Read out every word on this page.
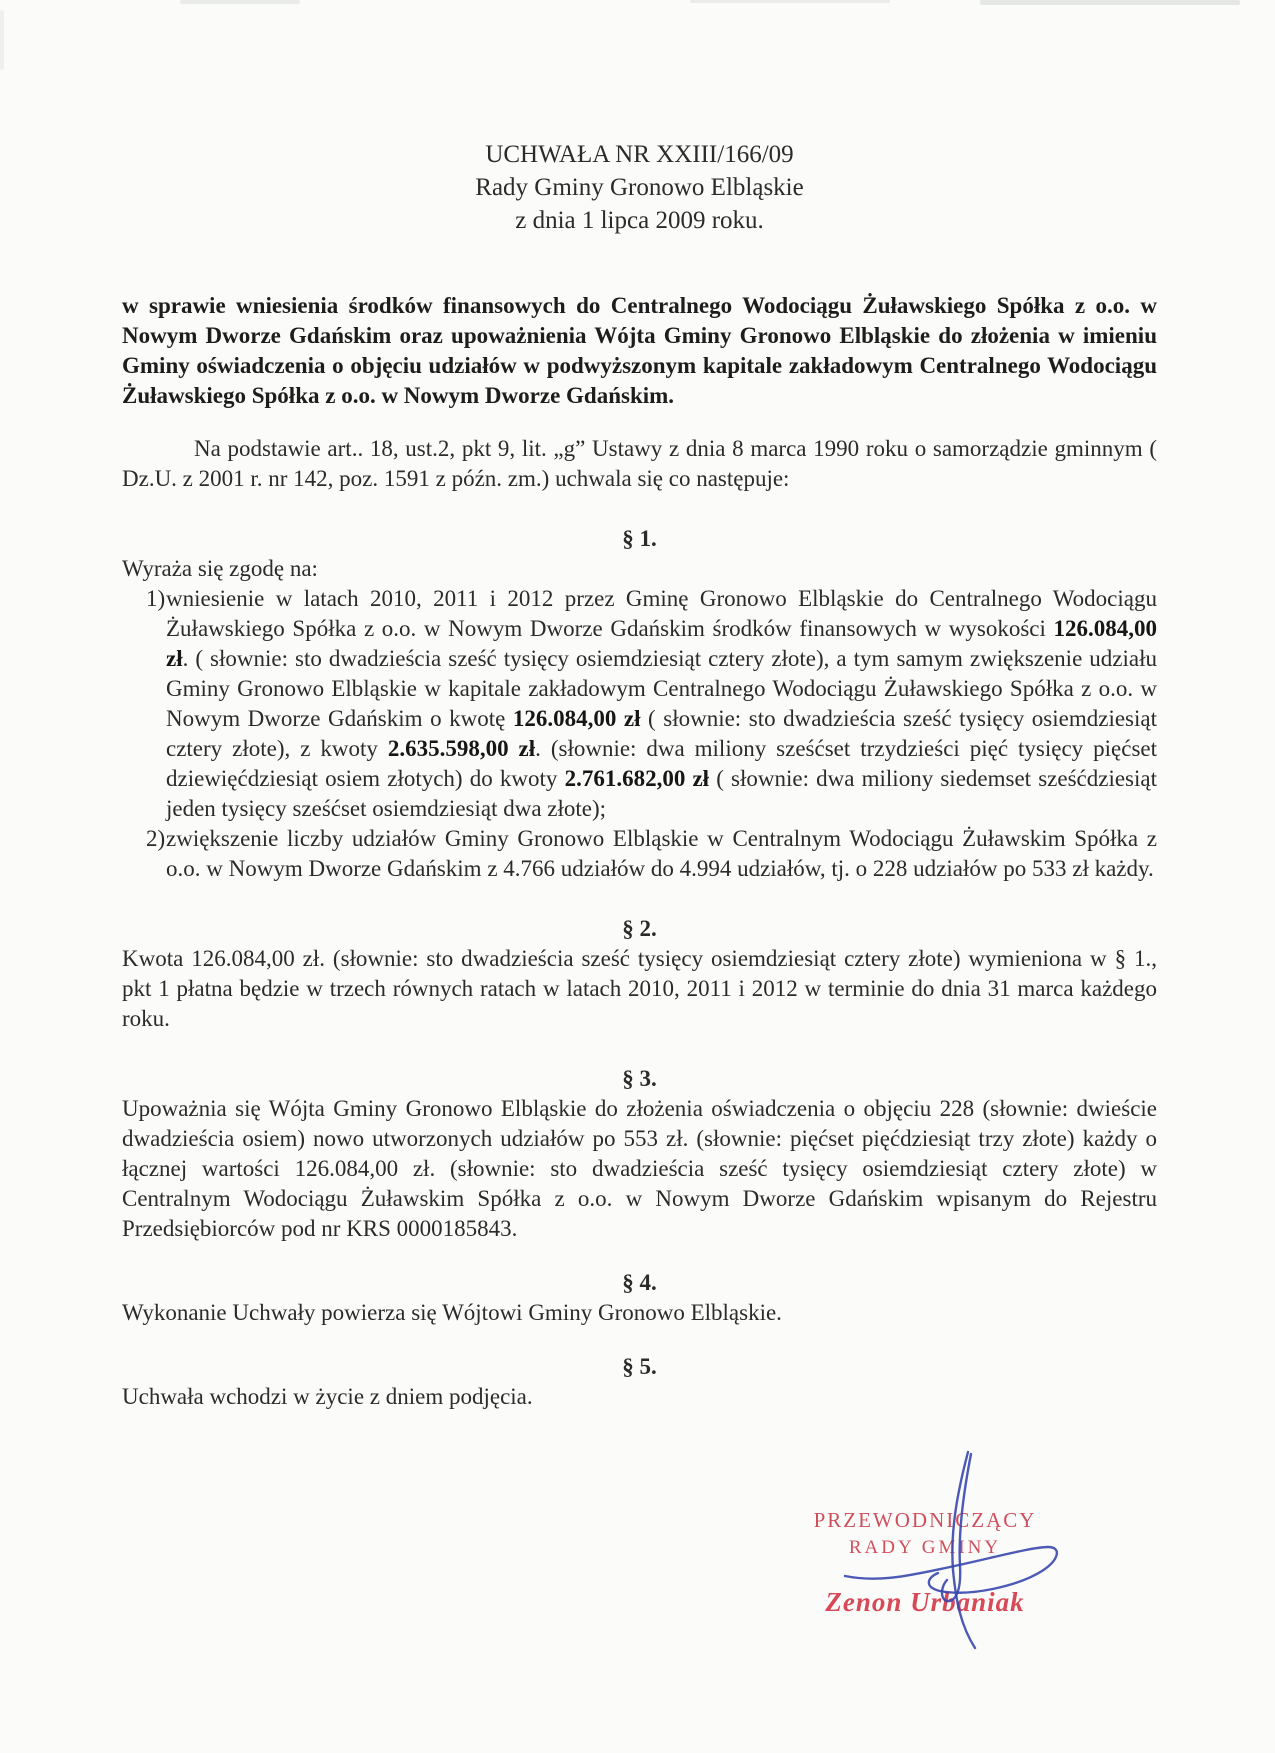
UCHWAŁA NR XXIII/166/09
Rady Gminy Gronowo Elbląskie
z dnia 1 lipca 2009 roku.

w sprawie wniesienia środków finansowych do Centralnego Wodociągu Żuławskiego Spółka z o.o. w Nowym Dworze Gdańskim oraz upoważnienia Wójta Gminy Gronowo Elbląskie do złożenia w imieniu Gminy oświadczenia o objęciu udziałów w podwyższonym kapitale zakładowym Centralnego Wodociągu Żuławskiego Spółka z o.o. w Nowym Dworze Gdańskim.

Na podstawie art.. 18, ust.2, pkt 9, lit. „g” Ustawy z dnia 8 marca 1990 roku o samorządzie gminnym ( Dz.U. z 2001 r. nr 142, poz. 1591 z późn. zm.) uchwala się co następuje:

§ 1.
Wyraża się zgodę na:
1) wniesienie w latach 2010, 2011 i 2012 przez Gminę Gronowo Elbląskie do Centralnego Wodociągu Żuławskiego Spółka z o.o. w Nowym Dworze Gdańskim środków finansowych w wysokości 126.084,00 zł. ( słownie: sto dwadzieścia sześć tysięcy osiemdziesiąt cztery złote), a tym samym zwiększenie udziału Gminy Gronowo Elbląskie w kapitale zakładowym Centralnego Wodociągu Żuławskiego Spółka z o.o. w Nowym Dworze Gdańskim o kwotę 126.084,00 zł ( słownie: sto dwadzieścia sześć tysięcy osiemdziesiąt cztery złote), z kwoty 2.635.598,00 zł. (słownie: dwa miliony sześćset trzydzieści pięć tysięcy pięćset dziewięćdziesiąt osiem złotych) do kwoty 2.761.682,00 zł ( słownie: dwa miliony siedemset sześćdziesiąt jeden tysięcy sześćset osiemdziesiąt dwa złote);
2) zwiększenie liczby udziałów Gminy Gronowo Elbląskie w Centralnym Wodociągu Żuławskim Spółka z o.o. w Nowym Dworze Gdańskim z 4.766 udziałów do 4.994 udziałów, tj. o 228 udziałów po 533 zł każdy.
§ 2.

Kwota 126.084,00 zł. (słownie: sto dwadzieścia sześć tysięcy osiemdziesiąt cztery złote) wymieniona w § 1., pkt 1 płatna będzie w trzech równych ratach w latach 2010, 2011 i 2012 w terminie do dnia 31 marca każdego roku.

§ 3.

Upoważnia się Wójta Gminy Gronowo Elbląskie do złożenia oświadczenia o objęciu 228 (słownie: dwieście dwadzieścia osiem) nowo utworzonych udziałów po 553 zł. (słownie: pięćset pięćdziesiąt trzy złote) każdy o łącznej wartości 126.084,00 zł. (słownie: sto dwadzieścia sześć tysięcy osiemdziesiąt cztery złote) w Centralnym Wodociągu Żuławskim Spółka z o.o. w Nowym Dworze Gdańskim wpisanym do Rejestru Przedsiębiorców pod nr KRS 0000185843.

§ 4.

Wykonanie Uchwały powierza się Wójtowi Gminy Gronowo Elbląskie.

§ 5.

Uchwała wchodzi w życie z dniem podjęcia.

PRZEWODNICZĄCY
RADY GMINY
Zenon Urbaniak
